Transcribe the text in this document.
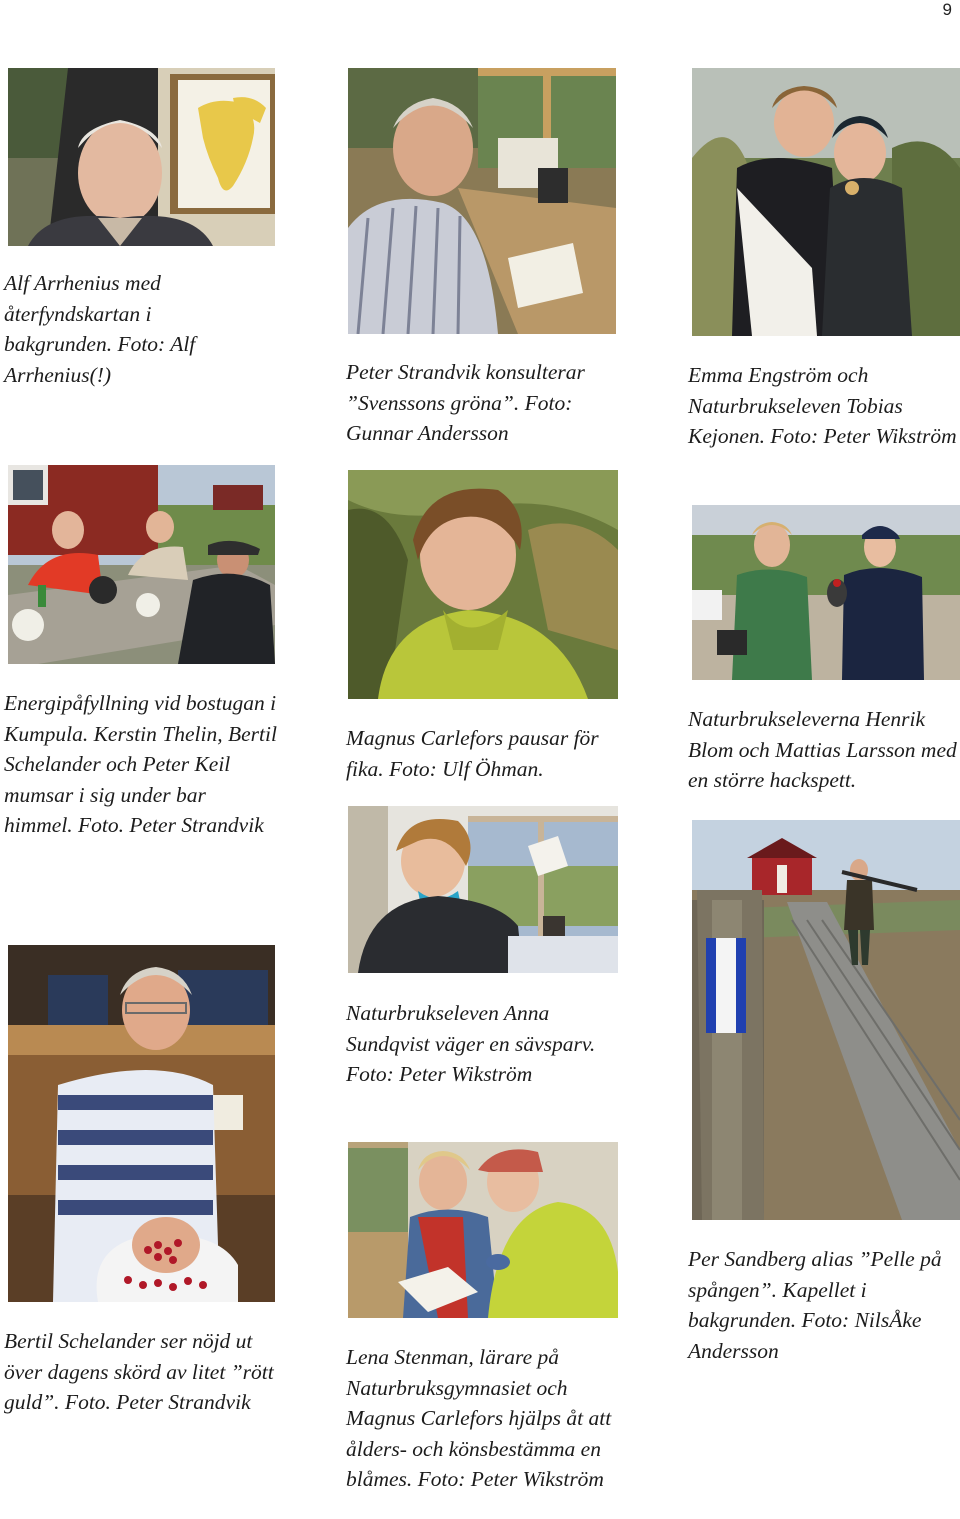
9

Alf Arrhenius med återfyndskartan i bakgrunden. Foto: Alf Arrhenius(!)	Peter Strandvik konsulterar ”Svenssons gröna”. Foto: Gunnar Andersson

Emma Engström och Naturbrukseleven Tobias Kejonen. Foto: Peter Wikström

Energipåfyllning vid bostugan i Kumpula. Kerstin Thelin, Bertil Schelander och Peter Keil mumsar i sig under bar himmel. Foto. Peter Strandvik

Magnus Carlefors pausar för fika. Foto: Ulf Öhman.

Naturbrukseleverna Henrik Blom och Mattias Larsson med en större hackspett.

Naturbrukseleven Anna Sundqvist väger en sävsparv. Foto: Peter Wikström

Per Sandberg alias ”Pelle på spången”. Kapellet i bakgrunden. Foto: NilsÅke Andersson

Bertil Schelander ser nöjd ut över dagens skörd av litet ”rött guld”. Foto. Peter Strandvik

Lena Stenman, lärare på Naturbruksgymnasiet och Magnus Carlefors hjälps åt att ålders- och könsbestämma en blåmes. Foto: Peter Wikström
